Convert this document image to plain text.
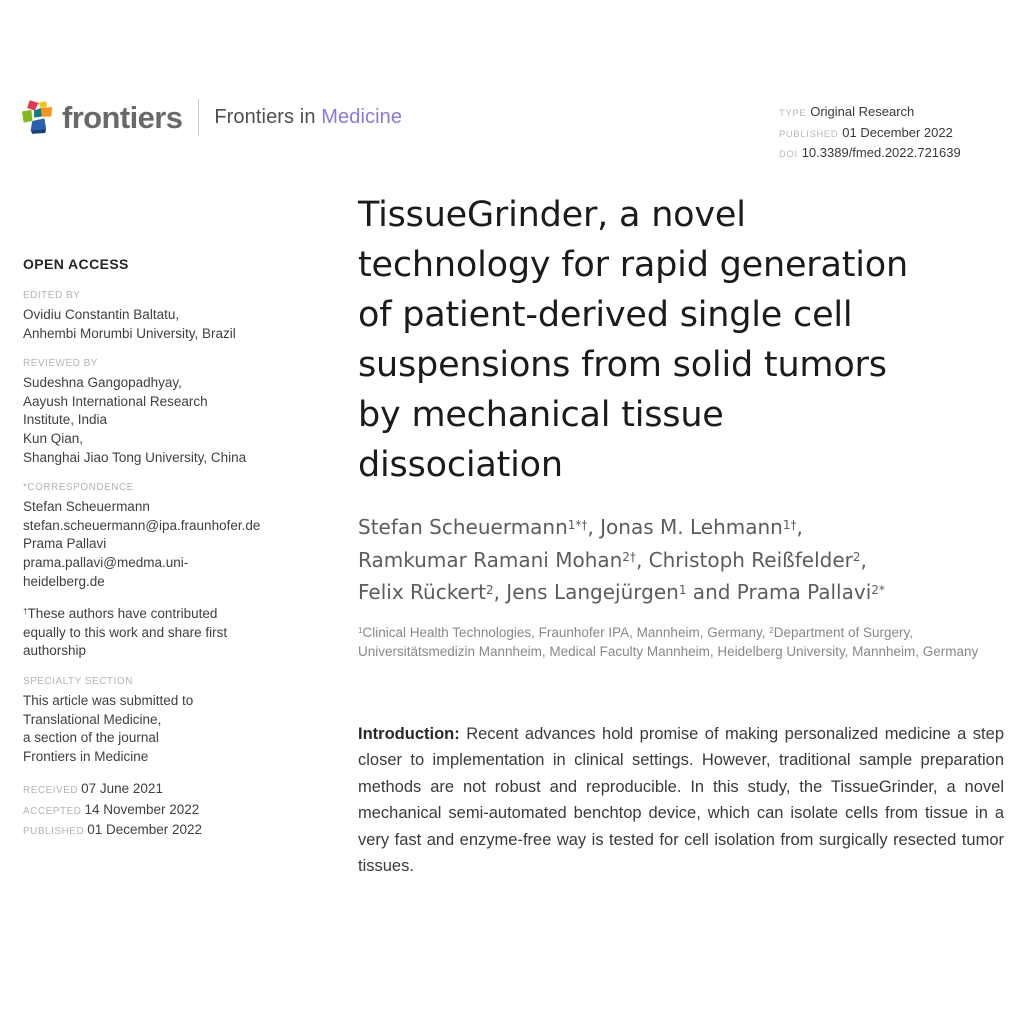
frontiers Frontiers in Medicine	TYPE Original Research
PUBLISHED 01 December 2022
DOI 10.3389/fmed.2022.721639
OPEN ACCESS
EDITED BY
Ovidiu Constantin Baltatu,
Anhembi Morumbi University, Brazil
REVIEWED BY
Sudeshna Gangopadhyay,
Aayush International Research
Institute, India
Kun Qian,
Shanghai Jiao Tong University, China
*CORRESPONDENCE
Stefan Scheuermann
stefan.scheuermann@ipa.fraunhofer.de
Prama Pallavi
prama.pallavi@medma.uni-
heidelberg.de
†These authors have contributed
equally to this work and share first
authorship
SPECIALTY SECTION
This article was submitted to
Translational Medicine,
a section of the journal
Frontiers in Medicine
RECEIVED 07 June 2021
ACCEPTED 14 November 2022
PUBLISHED 01 December 2022
TissueGrinder, a novel
technology for rapid generation
of patient-derived single cell
suspensions from solid tumors
by mechanical tissue
dissociation
Stefan Scheuermann$^{1*\dagger}$, Jonas M. Lehmann$^{1\dagger}$,
Ramkumar Ramani Mohan$^{2\dagger}$, Christoph Reißfelder$^2$,
Felix Rückert$^2$, Jens Langejürgen$^1$ and Prama Pallavi$^{2*}$
$^1$Clinical Health Technologies, Fraunhofer IPA, Mannheim, Germany, $^2$Department of Surgery, Universitätsmedizin Mannheim, Medical Faculty Mannheim, Heidelberg University, Mannheim, Germany

Introduction: Recent advances hold promise of making personalized medicine a step closer to implementation in clinical settings. However, traditional sample preparation methods are not robust and reproducible. In this study, the TissueGrinder, a novel mechanical semi-automated benchtop device, which can isolate cells from tissue in a very fast and enzyme-free way is tested for cell isolation from surgically resected tumor tissues.
